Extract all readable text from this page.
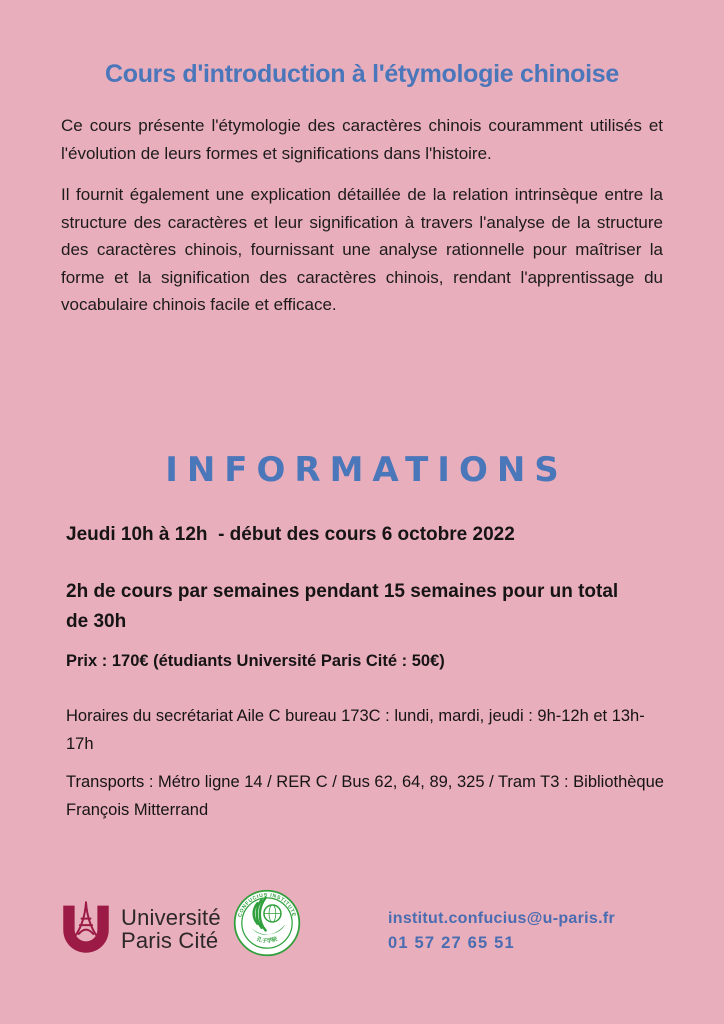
Cours d'introduction à l'étymologie chinoise

Ce cours présente l'étymologie des caractères chinois couramment utilisés et l'évolution de leurs formes et significations dans l'histoire.

Il fournit également une explication détaillée de la relation intrinsèque entre la structure des caractères et leur signification à travers l'analyse de la structure des caractères chinois, fournissant une analyse rationnelle pour maîtriser la forme et la signification des caractères chinois, rendant l'apprentissage du vocabulaire chinois facile et efficace.

INFORMATIONS

Jeudi 10h à 12h  - début des cours 6 octobre 2022

2h de cours par semaines pendant 15 semaines pour un total de 30h

Prix : 170€ (étudiants Université Paris Cité : 50€)

Horaires du secrétariat Aile C bureau 173C : lundi, mardi, jeudi : 9h-12h et 13h-17h

Transports : Métro ligne 14 / RER C / Bus 62, 64, 89, 325 / Tram T3 : Bibliothèque François Mitterrand

Université
Paris Cité
CONFUCIUS INSTITUTE
孔子学院

institut.confucius@u-paris.fr

01 57 27 65 51
